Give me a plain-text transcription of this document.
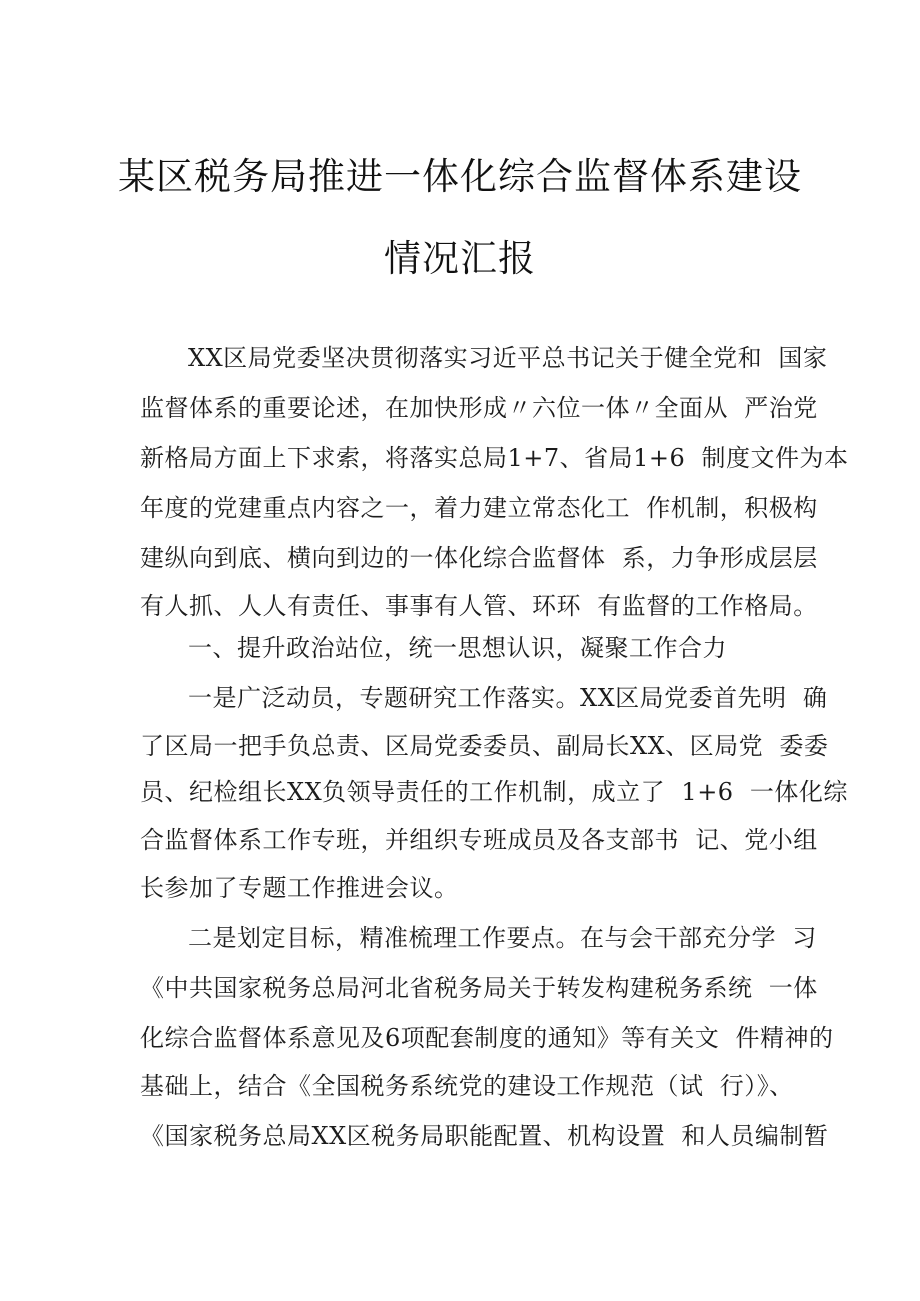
某区税务局推进一体化综合监督体系建设
情况汇报
XX区局党委坚决贯彻落实习近平总书记关于健全党和  国家
监督体系的重要论述，在加快形成〃六位一体〃全面从  严治党
新格局方面上下求索，将落实总局1+7、省局1+6  制度文件为本
年度的党建重点内容之一，着力建立常态化工  作机制，积极构
建纵向到底、横向到边的一体化综合监督体  系，力争形成层层
有人抓、人人有责任、事事有人管、环环  有监督的工作格局。
一、提升政治站位，统一思想认识，凝聚工作合力
一是广泛动员，专题研究工作落实。XX区局党委首先明  确
了区局一把手负总责、区局党委委员、副局长XX、区局党  委委
员、纪检组长XX负领导责任的工作机制，成立了  1+6  一体化综
合监督体系工作专班，并组织专班成员及各支部书  记、党小组
长参加了专题工作推进会议。
二是划定目标，精准梳理工作要点。在与会干部充分学  习
《中共国家税务总局河北省税务局关于转发构建税务系统  一体
化综合监督体系意见及6项配套制度的通知》等有关文  件精神的
基础上，结合《全国税务系统党的建设工作规范（试  行）》、
《国家税务总局XX区税务局职能配置、机构设置  和人员编制暂
